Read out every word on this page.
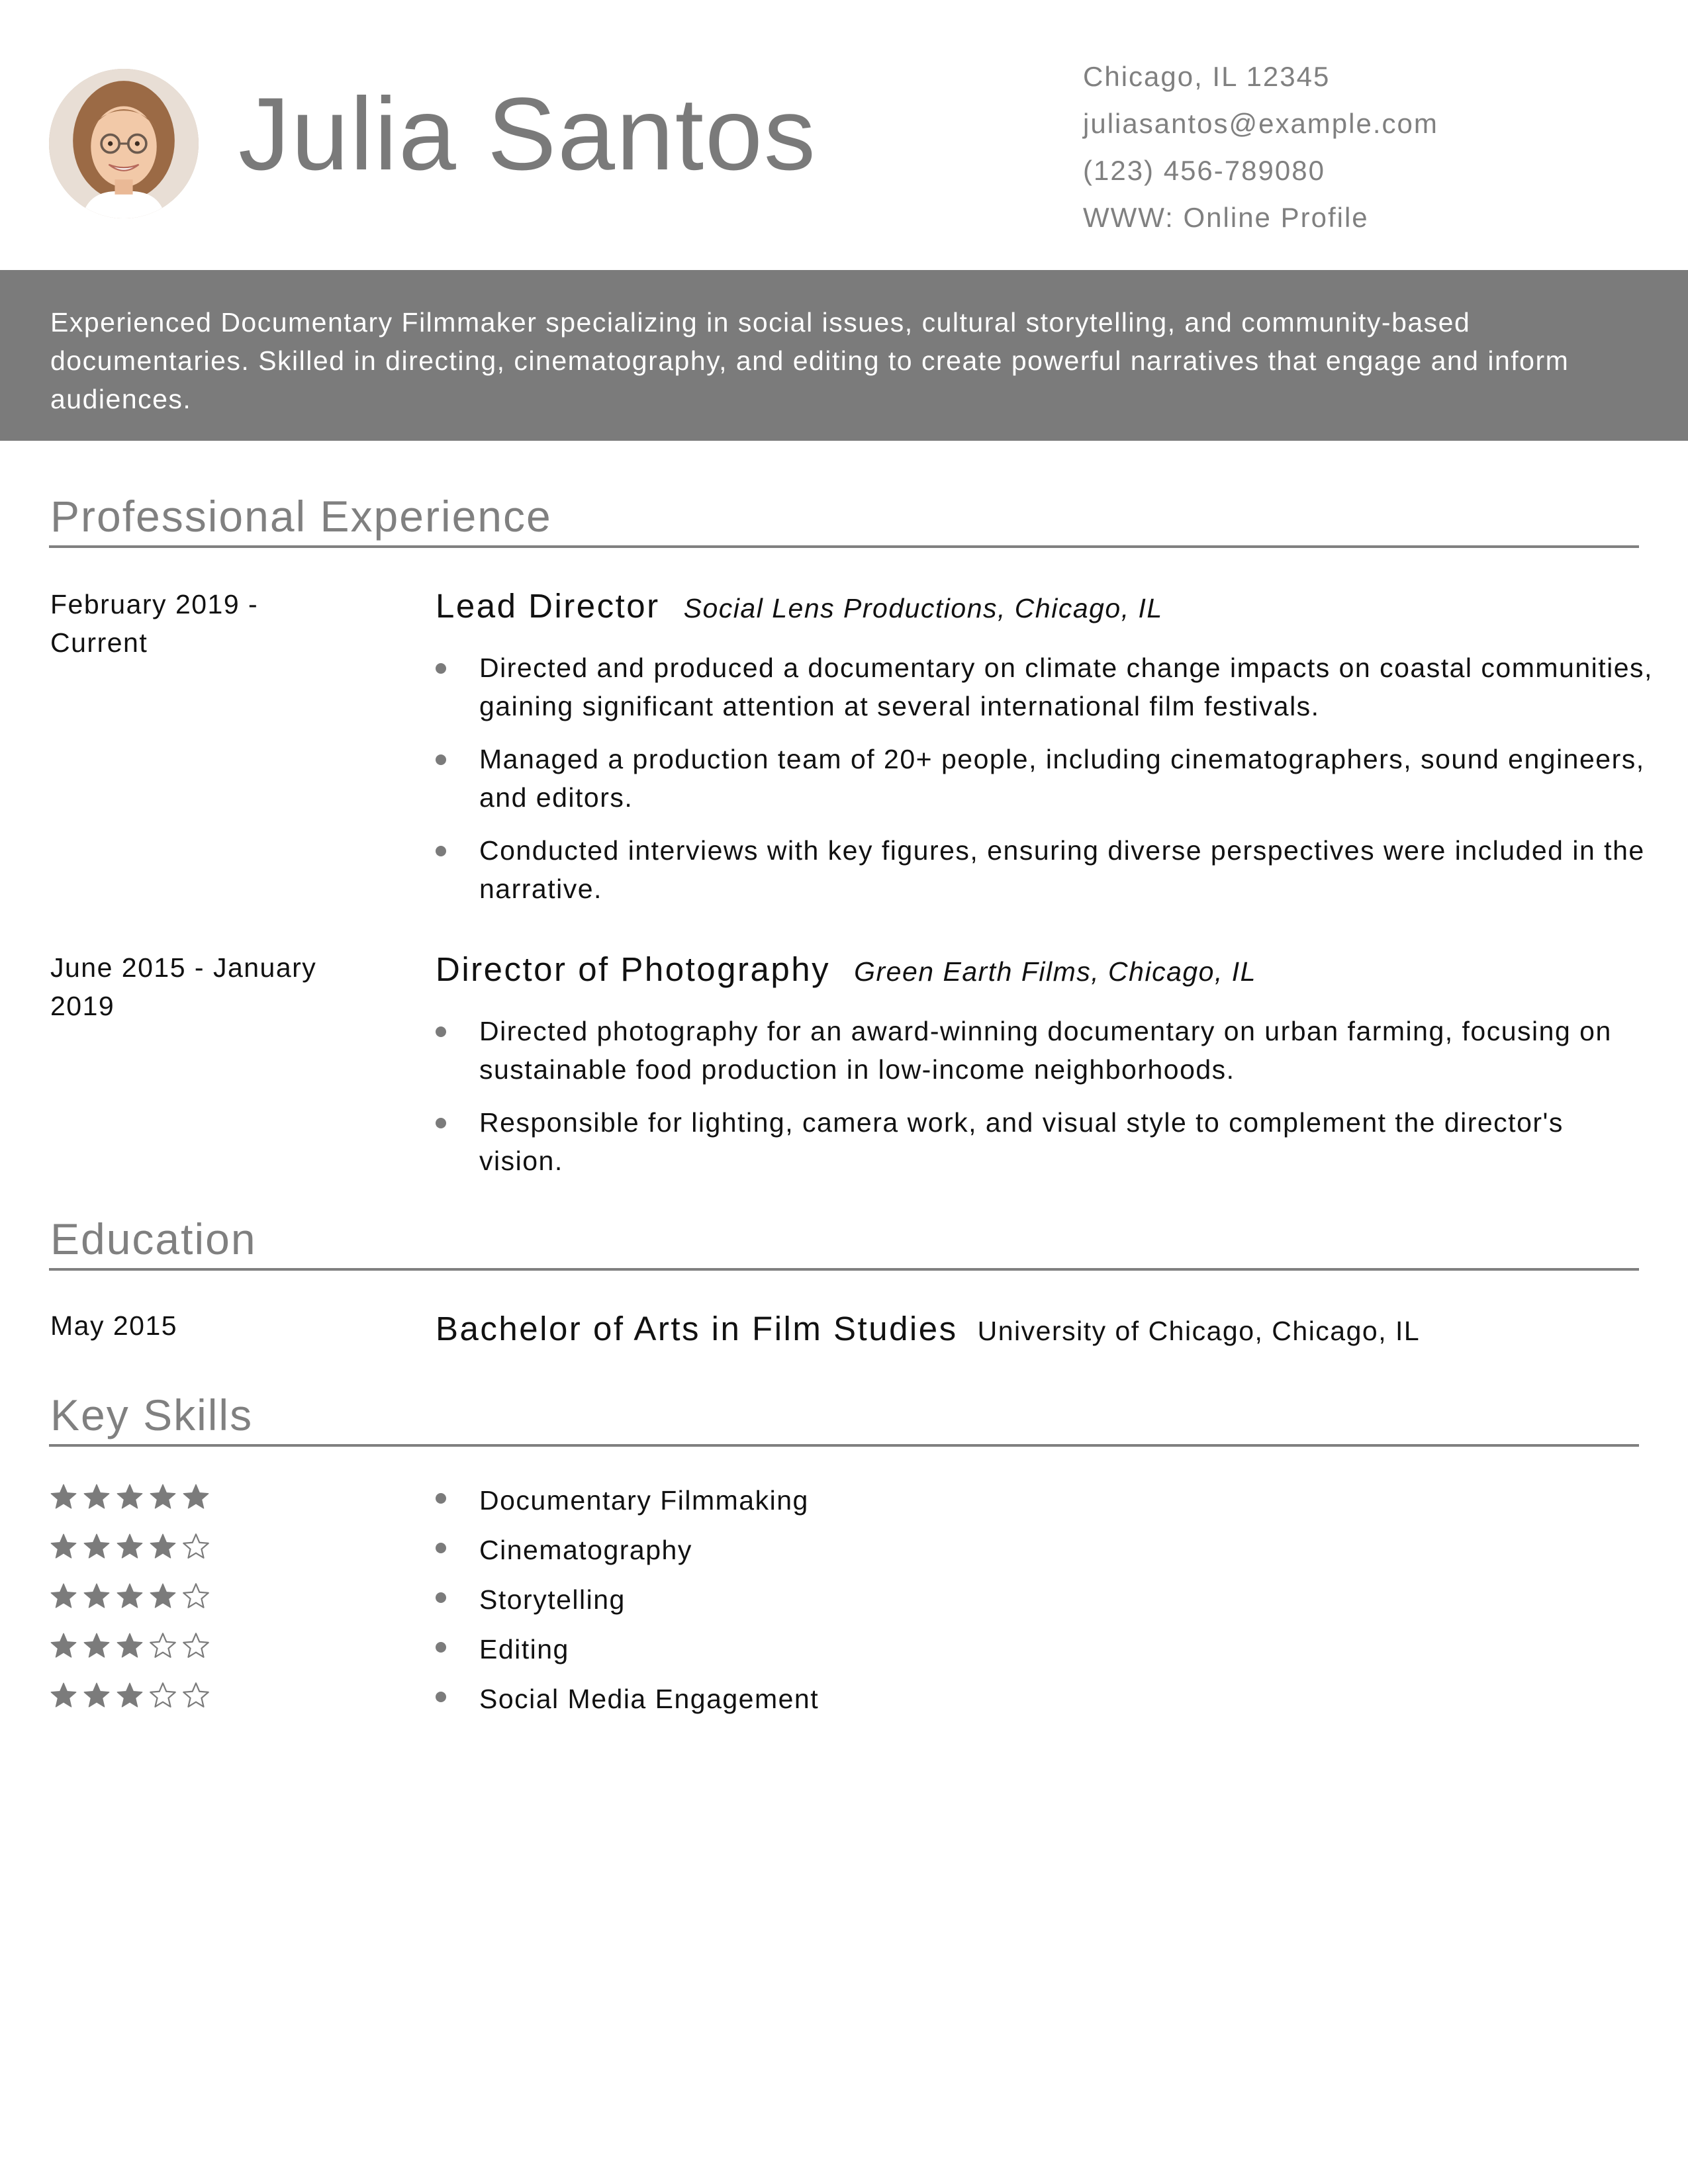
Julia Santos
Chicago, IL 12345
juliasantos@example.com
(123) 456-789080
WWW: Online Profile
Experienced Documentary Filmmaker specializing in social issues, cultural storytelling, and community-based documentaries. Skilled in directing, cinematography, and editing to create powerful narratives that engage and inform audiences.
Professional Experience
February 2019 - Current
Lead Director Social Lens Productions, Chicago, IL
Directed and produced a documentary on climate change impacts on coastal communities, gaining significant attention at several international film festivals.
Managed a production team of 20+ people, including cinematographers, sound engineers, and editors.
Conducted interviews with key figures, ensuring diverse perspectives were included in the narrative.
June 2015 - January 2019
Director of Photography Green Earth Films, Chicago, IL
Directed photography for an award-winning documentary on urban farming, focusing on sustainable food production in low-income neighborhoods.
Responsible for lighting, camera work, and visual style to complement the director's vision.
Education
May 2015	Bachelor of Arts in Film Studies University of Chicago, Chicago, IL
Key Skills
Documentary Filmmaking
Cinematography
Storytelling
Editing
Social Media Engagement
